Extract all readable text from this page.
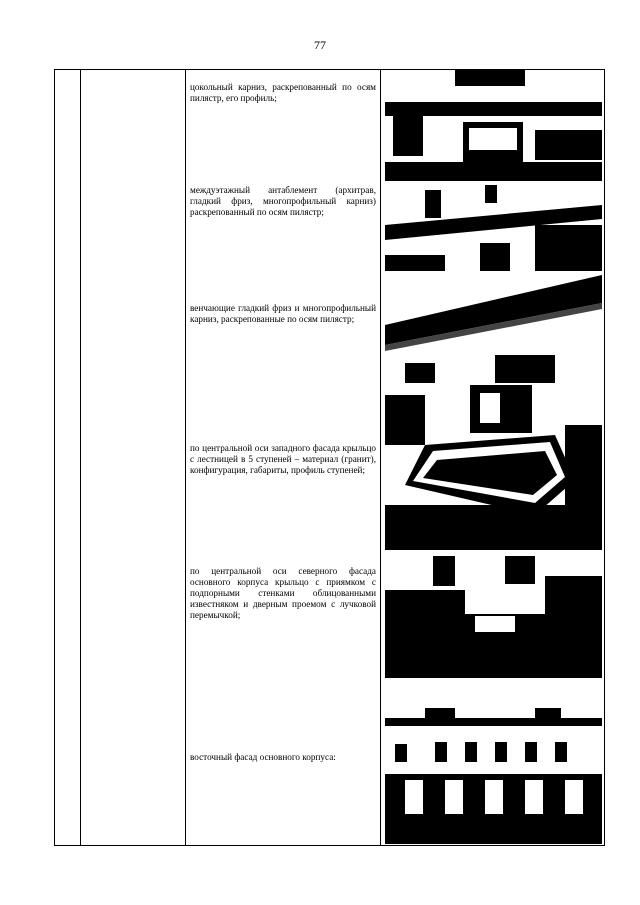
77
цокольный карниз, раскрепованный по осям пилястр, его профиль;
междуэтажный антаблемент (архитрав, гладкий фриз, многопрофильный карниз) раскрепованный по осям пилястр;
венчающие гладкий фриз и многопрофильный карниз, раскрепованные по осям пилястр;
по центральной оси западного фасада крыльцо с лестницей в 5 ступеней – материал (гранит), конфигурация, габариты, профиль ступеней;
по центральной оси северного фасада основного корпуса крыльцо с приямком с подпорными стенками облицованными известняком и дверным проемом с лучковой перемычкой;
восточный фасад основного корпуса:
